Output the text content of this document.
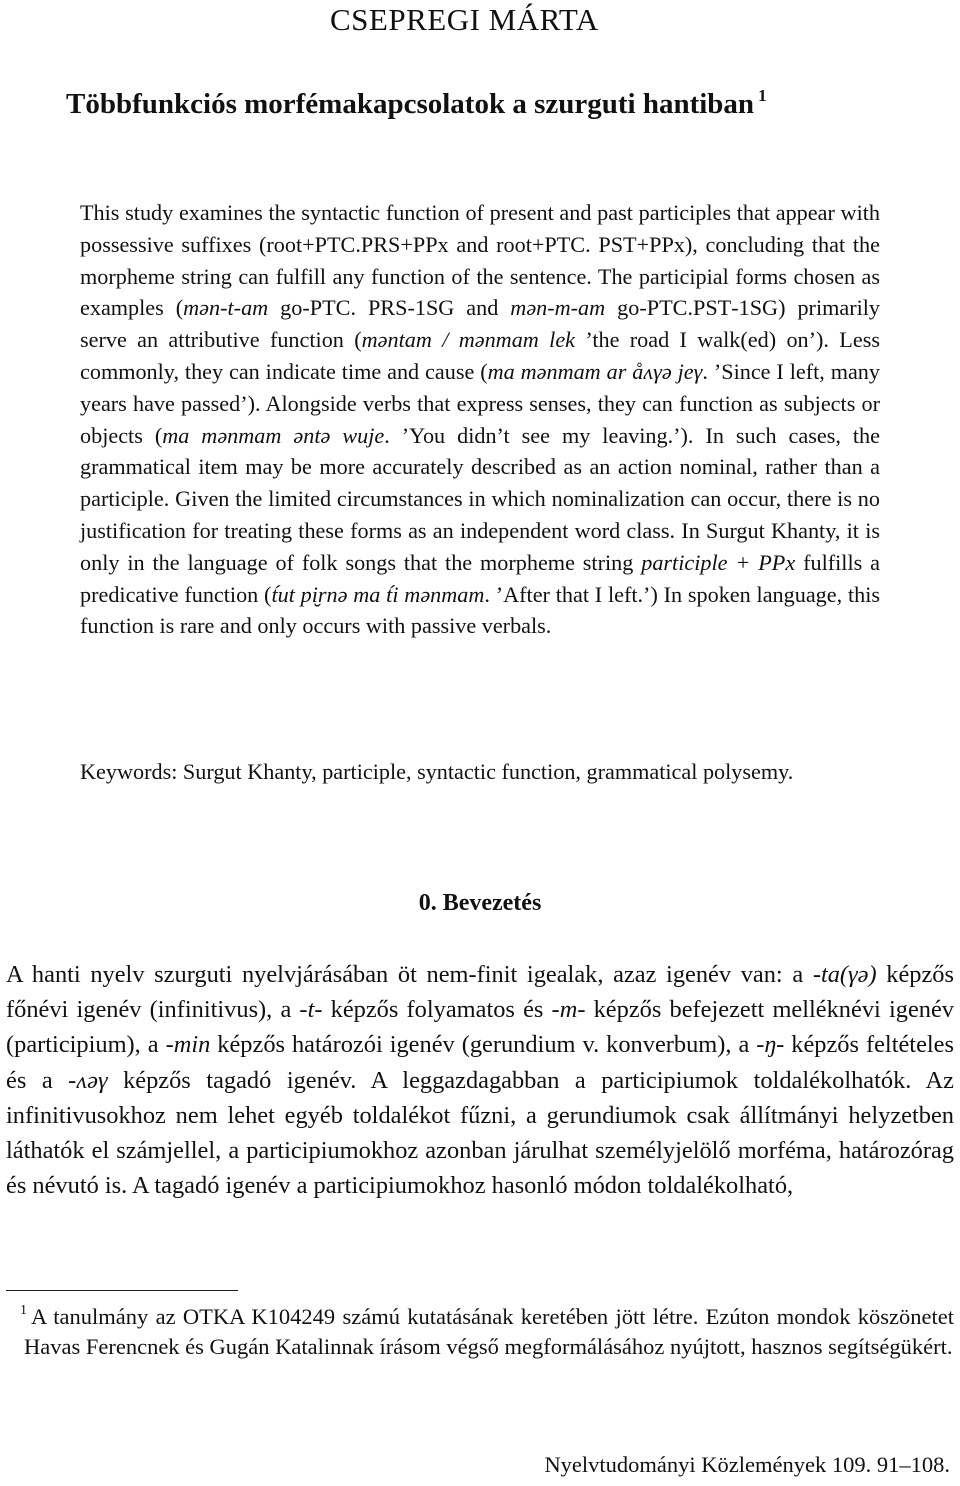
CSEPREGI MÁRTA
Többfunkciós morfémakapcsolatok a szurguti hantiban $^1$
This study examines the syntactic function of present and past participles that appear with possessive suffixes (root+PTC.PRS+PPx and root+PTC. PST+PPx), concluding that the morpheme string can fulfill any function of the sentence. The participial forms chosen as examples (mən-t-am go-PTC. PRS-1SG and mən-m-am go-PTC.PST-1SG) primarily serve an attributive function (məntam / mənmam lek ’the road I walk(ed) on’). Less commonly, they can indicate time and cause (ma mənmam ar åʌγə jeγ. ’Since I left, many years have passed’). Alongside verbs that express senses, they can function as subjects or objects (ma mənmam əntə wuje. ’You didn’t see my leaving.’). In such cases, the grammatical item may be more accurately described as an action nominal, rather than a participle. Given the limited circumstances in which nominalization can occur, there is no justification for treating these forms as an independent word class. In Surgut Khanty, it is only in the language of folk songs that the morpheme string participle + PPx fulfills a predicative function (t́ut pi̮rnə ma t́i mənmam. ’After that I left.’) In spoken language, this function is rare and only occurs with passive verbals.
Keywords: Surgut Khanty, participle, syntactic function, grammatical polysemy.
0. Bevezetés
A hanti nyelv szurguti nyelvjárásában öt nem-finit igealak, azaz igenév van: a -ta(γə) képzős főnévi igenév (infinitivus), a -t- képzős folyamatos és -m- képzős befejezett melléknévi igenév (participium), a -min képzős határozói igenév (gerundium v. konverbum), a -ŋ- képzős feltételes és a -ʌəγ képzős tagadó igenév. A leggazdagabban a participiumok toldalékolhatók. Az infinitivusokhoz nem lehet egyéb toldalékot fűzni, a gerundiumok csak állítmányi helyzetben láthatók el számjellel, a participiumokhoz azonban járulhat személyjelölő morféma, határozórag és névutó is. A tagadó igenév a participiumokhoz hasonló módon toldalékolható,
$^1$ A tanulmány az OTKA K104249 számú kutatásának keretében jött létre. Ezúton mondok köszönetet Havas Ferencnek és Gugán Katalinnak írásom végső megformálásához nyújtott, hasznos segítségükért.
Nyelvtudományi Közlemények 109. 91–108.
